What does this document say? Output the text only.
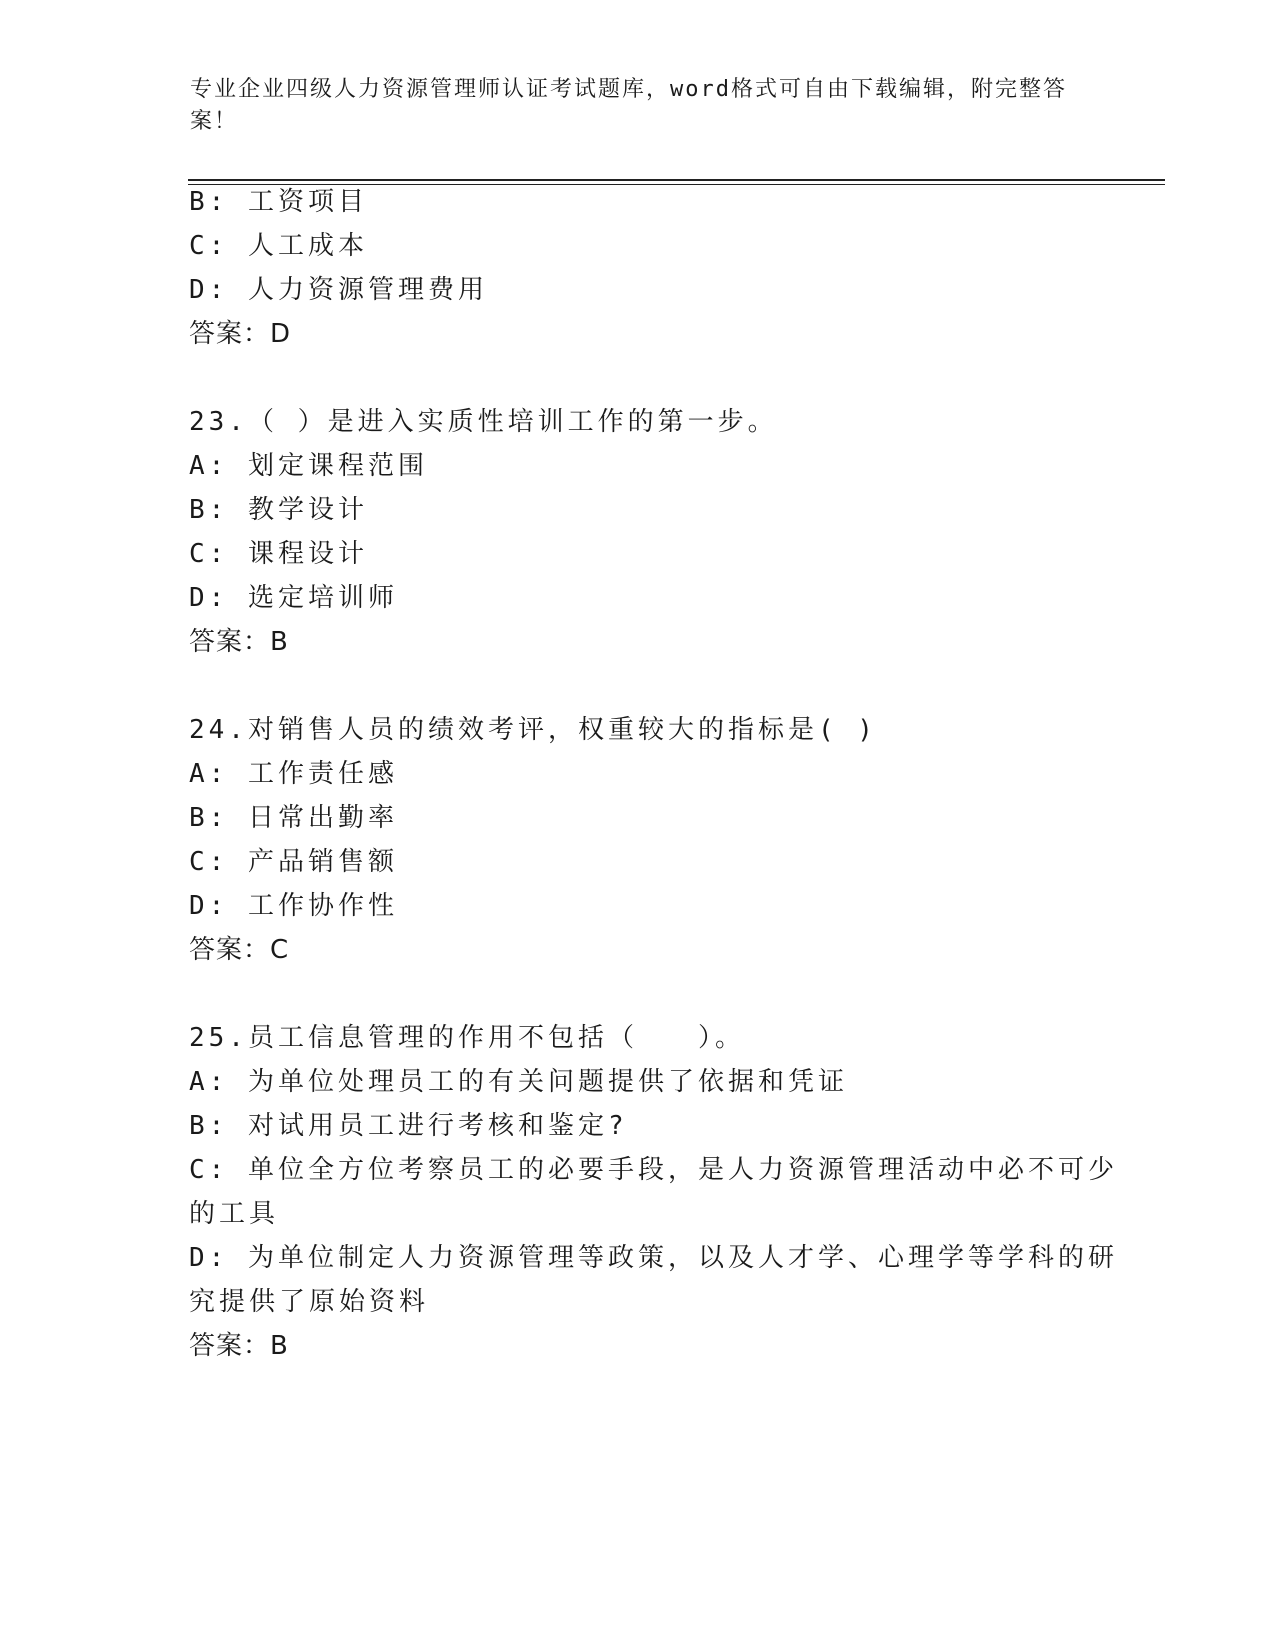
专业企业四级人力资源管理师认证考试题库，word格式可自由下载编辑，附完整答案！
B: 工资项目
C: 人工成本
D: 人力资源管理费用
答案：D
23.（ ）是进入实质性培训工作的第一步。
A: 划定课程范围
B: 教学设计
C: 课程设计
D: 选定培训师
答案：B
24.对销售人员的绩效考评，权重较大的指标是( )
A: 工作责任感
B: 日常出勤率
C: 产品销售额
D: 工作协作性
答案：C
25.员工信息管理的作用不包括（　　）。
A: 为单位处理员工的有关问题提供了依据和凭证
B: 对试用员工进行考核和鉴定?
C: 单位全方位考察员工的必要手段，是人力资源管理活动中必不可少
的工具
D: 为单位制定人力资源管理等政策，以及人才学、心理学等学科的研
究提供了原始资料
答案：B
